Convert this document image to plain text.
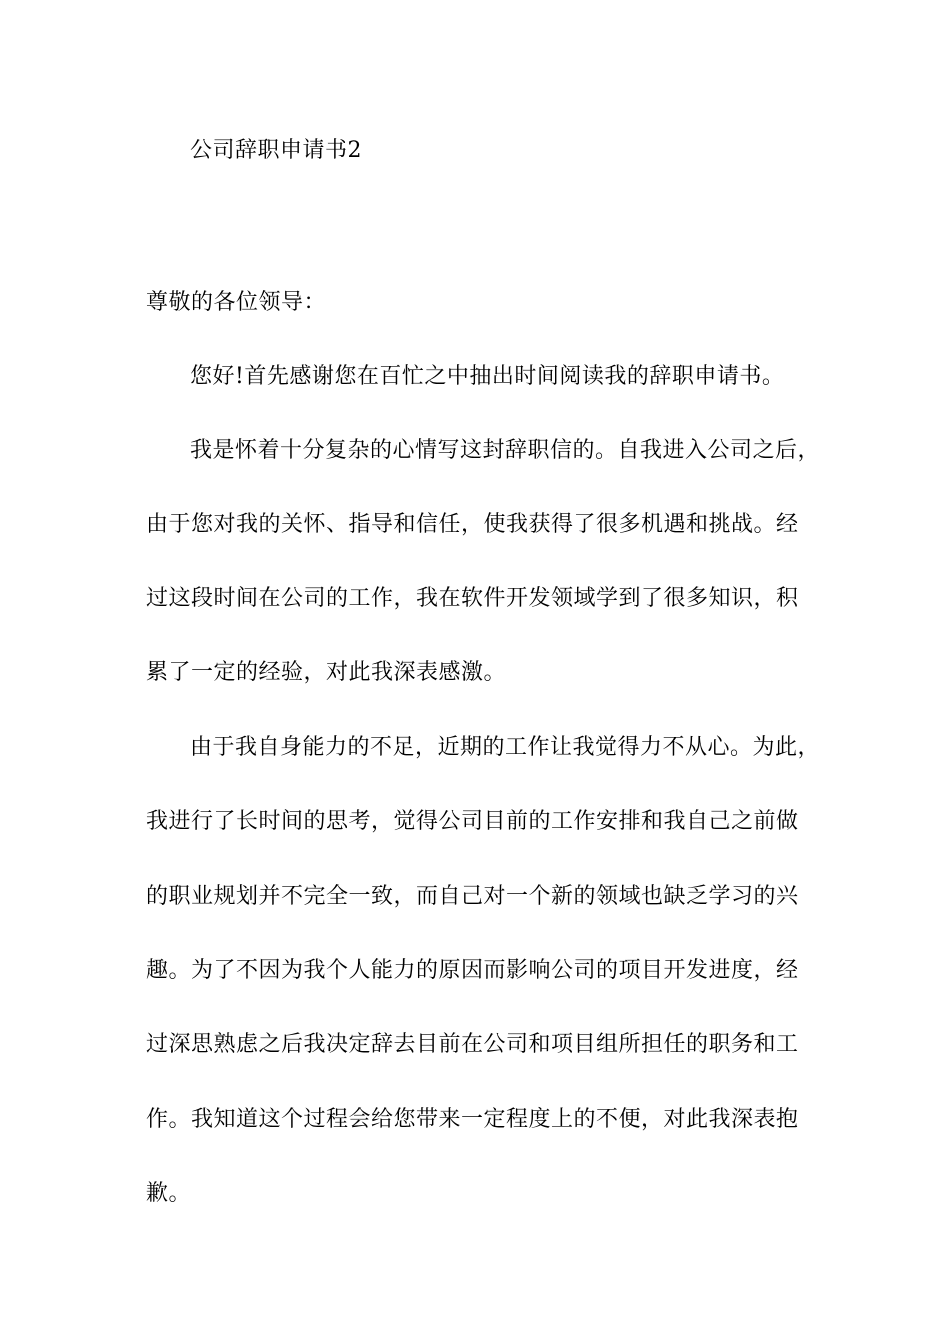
公司辞职申请书2
尊敬的各位领导：
您好!首先感谢您在百忙之中抽出时间阅读我的辞职申请书。
我是怀着十分复杂的心情写这封辞职信的。自我进入公司之后，
由于您对我的关怀、指导和信任，使我获得了很多机遇和挑战。经
过这段时间在公司的工作，我在软件开发领域学到了很多知识，积
累了一定的经验，对此我深表感激。
由于我自身能力的不足，近期的工作让我觉得力不从心。为此，
我进行了长时间的思考，觉得公司目前的工作安排和我自己之前做
的职业规划并不完全一致，而自己对一个新的领域也缺乏学习的兴
趣。为了不因为我个人能力的原因而影响公司的项目开发进度，经
过深思熟虑之后我决定辞去目前在公司和项目组所担任的职务和工
作。我知道这个过程会给您带来一定程度上的不便，对此我深表抱
歉。
